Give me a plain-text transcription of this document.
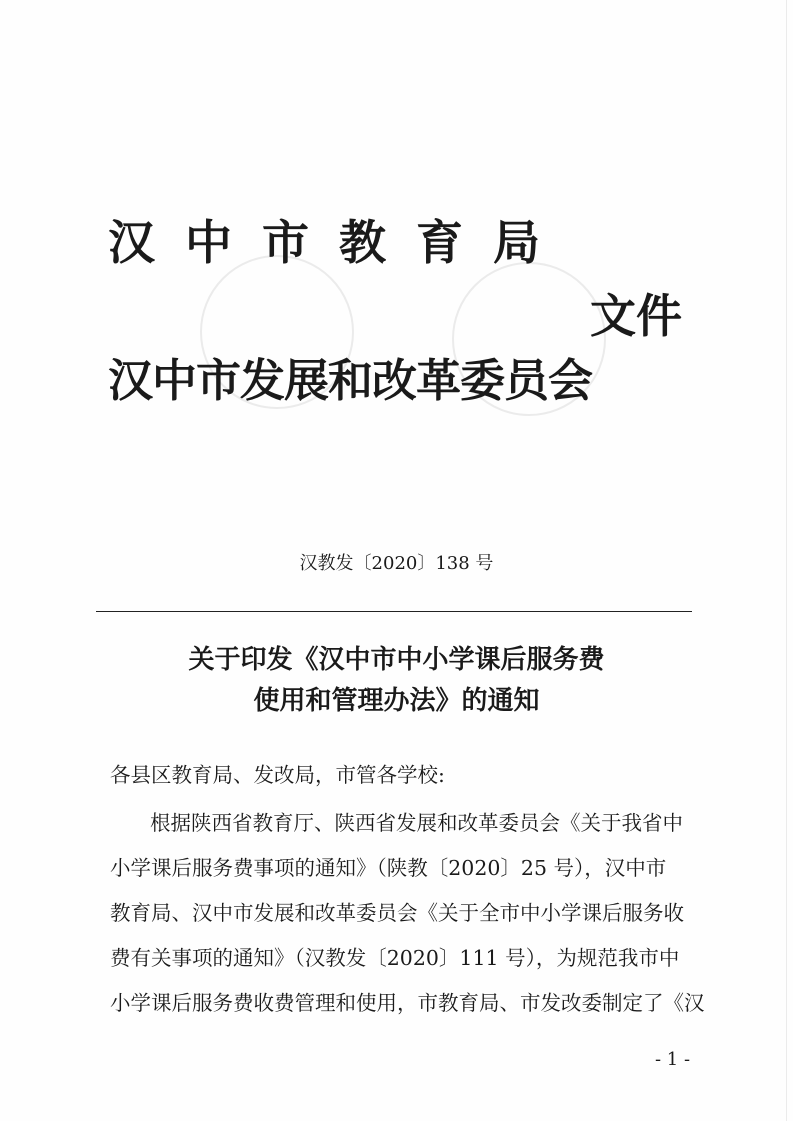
汉中市教育局
文件
汉中市发展和改革委员会
汉教发〔2020〕138 号
关于印发《汉中市中小学课后服务费
使用和管理办法》的通知
各县区教育局、发改局，市管各学校:
根据陕西省教育厅、陕西省发展和改革委员会《关于我省中
小学课后服务费事项的通知》（陕教〔2020〕25 号），汉中市
教育局、汉中市发展和改革委员会《关于全市中小学课后服务收
费有关事项的通知》（汉教发〔2020〕111 号），为规范我市中
小学课后服务费收费管理和使用，市教育局、市发改委制定了《汉
- 1 -
